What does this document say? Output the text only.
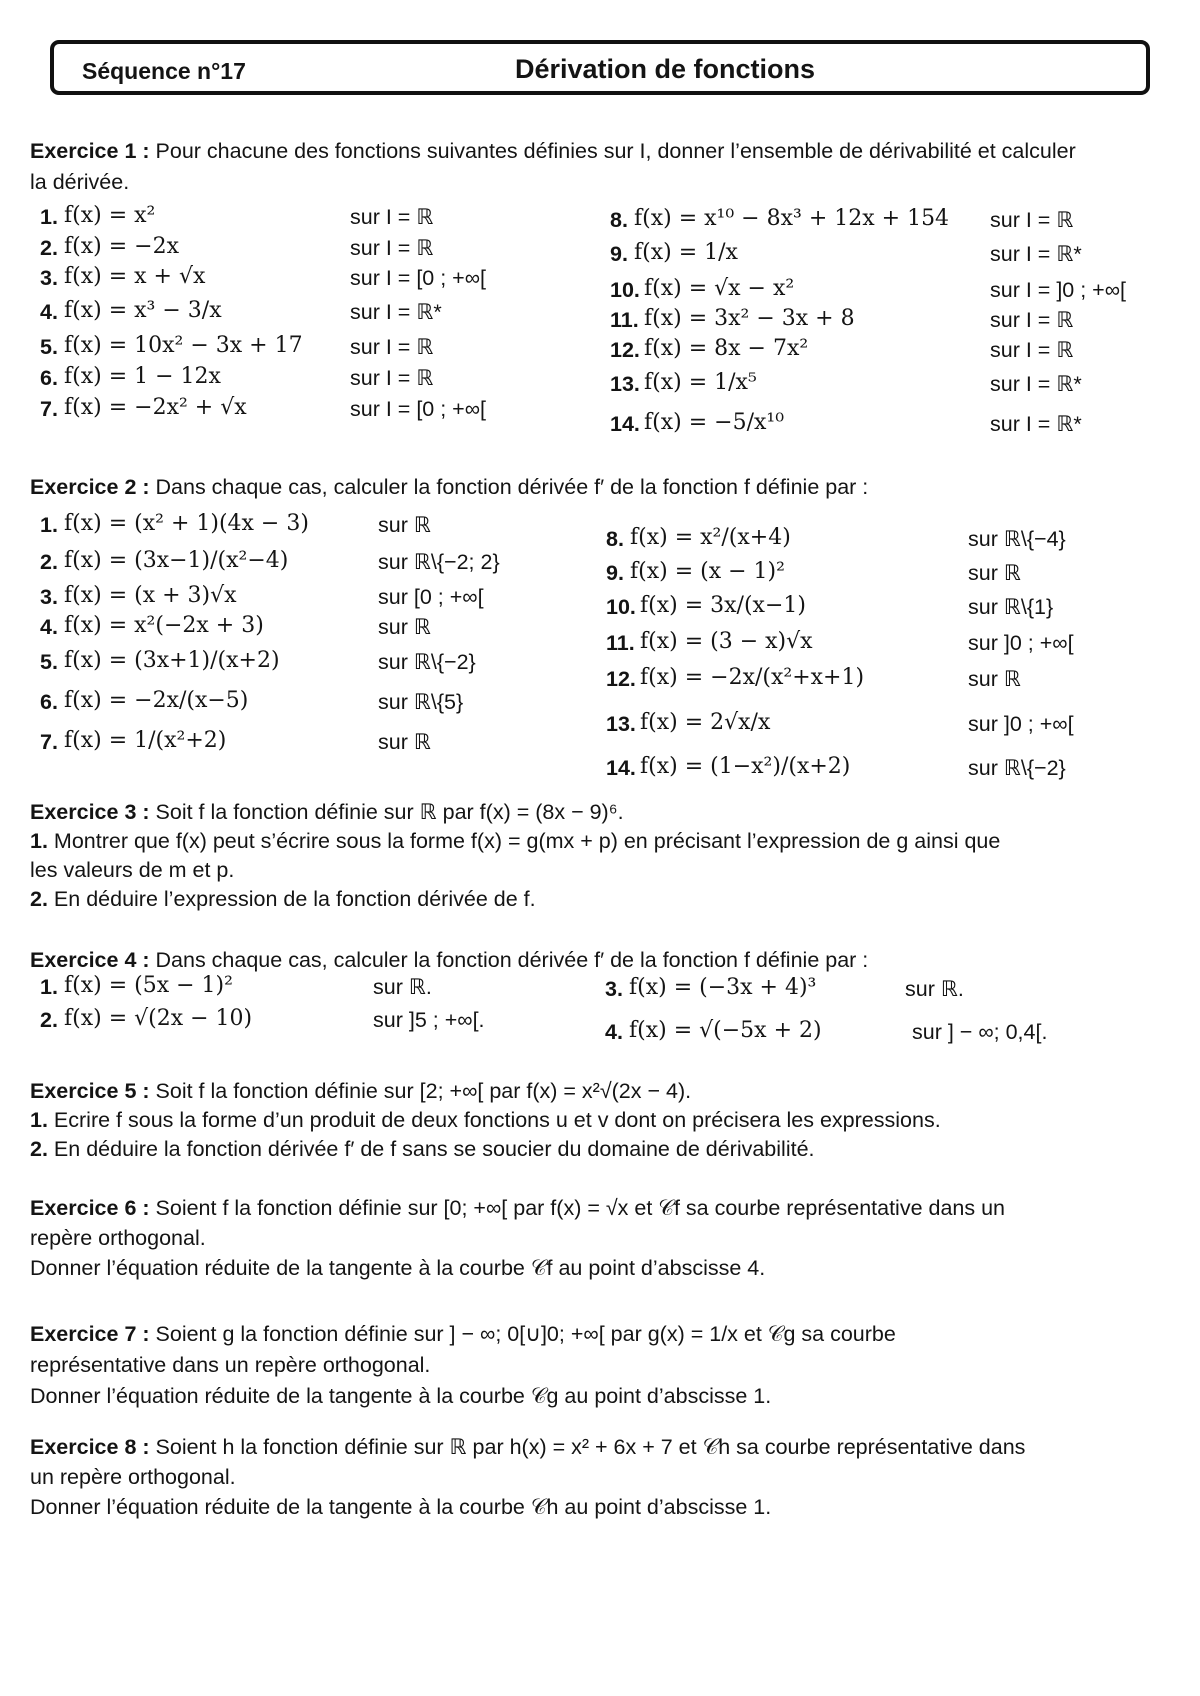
Séquence n°17	Dérivation de fonctions
Exercice 1 : Pour chacune des fonctions suivantes définies sur I, donner l’ensemble de dérivabilité et calculer
la dérivée.
1. f(x) = x²	sur I = ℝ
2. f(x) = −2x	sur I = ℝ
3. f(x) = x + √x	sur I = [0 ; +∞[
4. f(x) = x³ − 3/x	sur I = ℝ*
5. f(x) = 10x² − 3x + 17 sur I = ℝ
6. f(x) = 1 − 12x	sur I = ℝ
7. f(x) = −2x² + √x	sur I = [0 ; +∞[
8. f(x) = x¹⁰ − 8x³ + 12x + 154 sur I = ℝ
9. f(x) = 1/x	sur I = ℝ*
10. f(x) = √x − x²	sur I = ]0 ; +∞[
11. f(x) = 3x² − 3x + 8	sur I = ℝ
12. f(x) = 8x − 7x²	sur I = ℝ
13. f(x) = 1/x⁵	sur I = ℝ*
14. f(x) = −5/x¹⁰	sur I = ℝ*
Exercice 2 : Dans chaque cas, calculer la fonction dérivée f′ de la fonction f définie par :
1. f(x) = (x² + 1)(4x − 3)	sur ℝ
2. f(x) = (3x−1)/(x²−4)	sur ℝ\{−2; 2}
3. f(x) = (x + 3)√x	sur [0 ; +∞[
4. f(x) = x²(−2x + 3)	sur ℝ
5. f(x) = (3x+1)/(x+2)	sur ℝ\{−2}
6. f(x) = −2x/(x−5)	sur ℝ\{5}
7. f(x) = 1/(x²+2)	sur ℝ
8. f(x) = x²/(x+4)	sur ℝ\{−4}
9. f(x) = (x − 1)²	sur ℝ
10. f(x) = 3x/(x−1)	sur ℝ\{1}
11. f(x) = (3 − x)√x	sur ]0 ; +∞[
12. f(x) = −2x/(x²+x+1)	sur ℝ
13. f(x) = 2√x/x	sur ]0 ; +∞[
14. f(x) = (1−x²)/(x+2)	sur ℝ\{−2}
Exercice 3 : Soit f la fonction définie sur ℝ par f(x) = (8x − 9)⁶.
1. Montrer que f(x) peut s’écrire sous la forme f(x) = g(mx + p) en précisant l’expression de g ainsi que
les valeurs de m et p.
2. En déduire l’expression de la fonction dérivée de f.
Exercice 4 : Dans chaque cas, calculer la fonction dérivée f′ de la fonction f définie par :
1. f(x) = (5x − 1)²	sur ℝ.
2. f(x) = √(2x − 10)	sur ]5 ; +∞[.
3. f(x) = (−3x + 4)³	sur ℝ.
4. f(x) = √(−5x + 2)	sur ] − ∞; 0,4[.
Exercice 5 : Soit f la fonction définie sur [2; +∞[ par f(x) = x²√(2x − 4).
1. Ecrire f sous la forme d’un produit de deux fonctions u et v dont on précisera les expressions.
2. En déduire la fonction dérivée f′ de f sans se soucier du domaine de dérivabilité.
Exercice 6 : Soient f la fonction définie sur [0; +∞[ par f(x) = √x et 𝒞f sa courbe représentative dans un
repère orthogonal.
Donner l’équation réduite de la tangente à la courbe 𝒞f au point d’abscisse 4.
Exercice 7 : Soient g la fonction définie sur ] − ∞; 0[∪]0; +∞[ par g(x) = 1/x et 𝒞g sa courbe
représentative dans un repère orthogonal.
Donner l’équation réduite de la tangente à la courbe 𝒞g au point d’abscisse 1.
Exercice 8 : Soient h la fonction définie sur ℝ par h(x) = x² + 6x + 7 et 𝒞h sa courbe représentative dans
un repère orthogonal.
Donner l’équation réduite de la tangente à la courbe 𝒞h au point d’abscisse 1.
